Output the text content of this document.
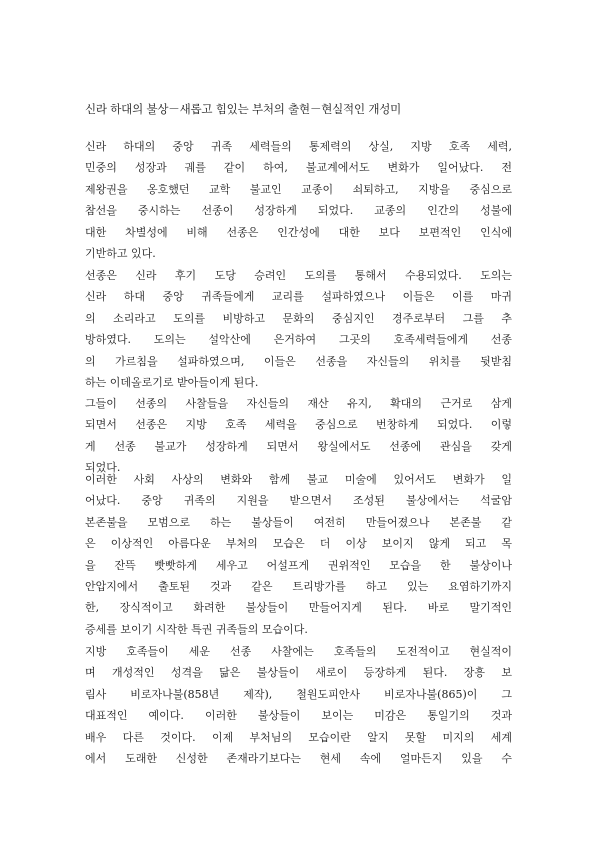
신라 하대의 불상－새롭고 힘있는 부처의 출현－현실적인 개성미

신라 하대의 중앙 귀족 세력들의 통제력의 상실, 지방 호족 세력,
민중의 성장과 궤를 같이 하여, 불교계에서도 변화가 일어났다. 전
제왕권을 옹호했던 교학 불교인 교종이 쇠퇴하고, 지방을 중심으로
참선을 중시하는 선종이 성장하게 되었다. 교종의 인간의 성불에
대한 차별성에 비해 선종은 인간성에 대한 보다 보편적인 인식에
기반하고 있다.

선종은 신라 후기 도당 승려인 도의를 통해서 수용되었다. 도의는
신라 하대 중앙 귀족들에게 교리를 설파하였으나 이들은 이를 마귀
의 소리라고 도의를 비방하고 문화의 중심지인 경주로부터 그를 추
방하였다. 도의는 설악산에 은거하여 그곳의 호족세력들에게 선종
의 가르침을 설파하였으며, 이들은 선종을 자신들의 위치를 뒷받침
하는 이데올로기로 받아들이게 된다.

그들이 선종의 사찰들을 자신들의 재산 유지, 확대의 근거로 삼게
되면서 선종은 지방 호족 세력을 중심으로 번창하게 되었다. 이렇
게 선종 불교가 성장하게 되면서 왕실에서도 선종에 관심을 갖게
되었다.

이러한 사회 사상의 변화와 함께 불교 미술에 있어서도 변화가 일
어났다. 중앙 귀족의 지원을 받으면서 조성된 불상에서는 석굴암
본존불을 모범으로 하는 불상들이 여전히 만들어졌으나 본존불 같
은 이상적인 아름다운 부처의 모습은 더 이상 보이지 않게 되고 목
을 잔뜩 빳빳하게 세우고 어설프게 권위적인 모습을 한 불상이나
안압지에서 출토된 것과 같은 트리방가를 하고 있는 요염하기까지
한, 장식적이고 화려한 불상들이 만들어지게 된다. 바로 말기적인
증세를 보이기 시작한 특권 귀족들의 모습이다.

지방 호족들이 세운 선종 사찰에는 호족들의 도전적이고 현실적이
며 개성적인 성격을 닮은 불상들이 새로이 등장하게 된다. 장흥 보
림사 비로자나불(858년 제작), 철원도피안사 비로자나불(865)이 그
대표적인 예이다. 이러한 불상들이 보이는 미감은 통일기의 것과
배우 다른 것이다. 이제 부처님의 모습이란 알지 못할 미지의 세계
에서 도래한 신성한 존재라기보다는 현세 속에 얼마든지 있을 수
